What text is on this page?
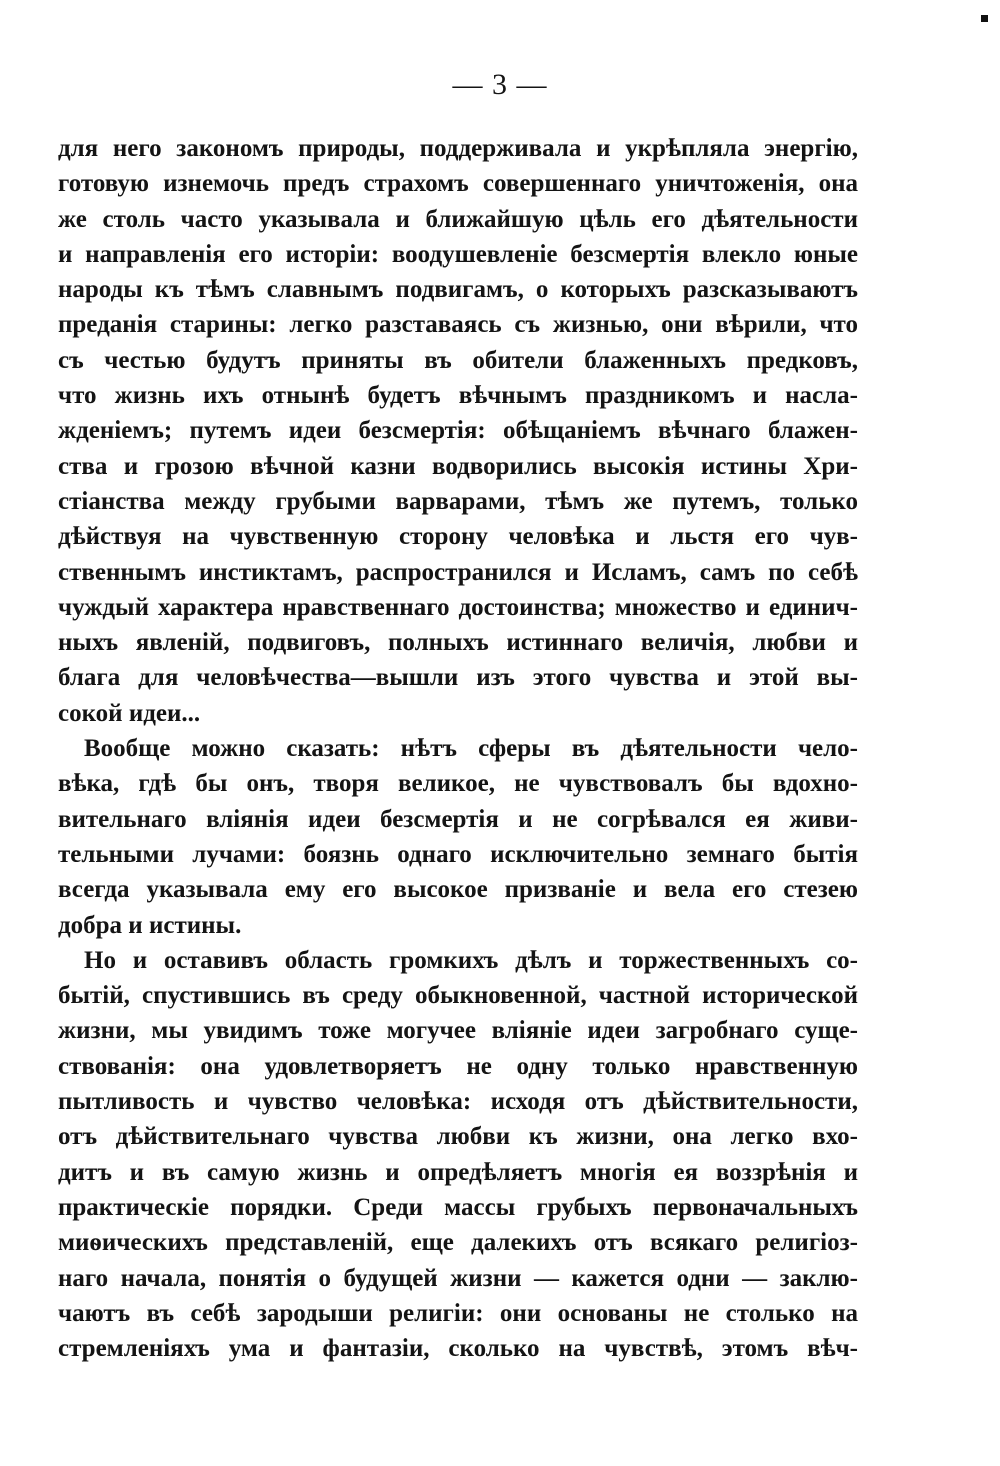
— 3 —
для него закономъ природы, поддерживала и укрѣпляла энергію,
готовую изнемочь предъ страхомъ совершеннаго уничтоженія, она
же столь часто указывала и ближайшую цѣль его дѣятельности
и направленія его исторіи: воодушевленіе безсмертія влекло юные
народы къ тѣмъ славнымъ подвигамъ, о которыхъ разсказываютъ
преданія старины: легко разставаясь съ жизнью, они вѣрили, что
съ честью будутъ приняты въ обители блаженныхъ предковъ,
что жизнь ихъ отнынѣ будетъ вѣчнымъ праздникомъ и насла-
жденіемъ; путемъ идеи безсмертія: обѣщаніемъ вѣчнаго блажен-
ства и грозою вѣчной казни водворились высокія истины Хри-
стіанства между грубыми варварами, тѣмъ же путемъ, только
дѣйствуя на чувственную сторону человѣка и льстя его чув-
ственнымъ инстиктамъ, распространился и Исламъ, самъ по себѣ
чуждый характера нравственнаго достоинства; множество и единич-
ныхъ явленій, подвиговъ, полныхъ истиннаго величія, любви и
блага для человѣчества—вышли изъ этого чувства и этой вы-
сокой идеи...
Вообще можно сказать: нѣтъ сферы въ дѣятельности чело-
вѣка, гдѣ бы онъ, творя великое, не чувствовалъ бы вдохно-
вительнаго вліянія идеи безсмертія и не согрѣвался ея живи-
тельными лучами: боязнь однаго исключительно земнаго бытія
всегда указывала ему его высокое призваніе и вела его стезею
добра и истины.
Но и оставивъ область громкихъ дѣлъ и торжественныхъ со-
бытій, спустившись въ среду обыкновенной, частной исторической
жизни, мы увидимъ тоже могучее вліяніе идеи загробнаго суще-
ствованія: она удовлетворяетъ не одну только нравственную
пытливость и чувство человѣка: исходя отъ дѣйствительности,
отъ дѣйствительнаго чувства любви къ жизни, она легко вхо-
дитъ и въ самую жизнь и опредѣляетъ многія ея воззрѣнія и
практическіе порядки. Среди массы грубыхъ первоначальныхъ
миѳическихъ представленій, еще далекихъ отъ всякаго религіоз-
наго начала, понятія о будущей жизни — кажется одни — заклю-
чаютъ въ себѣ зародыши религіи: они основаны не столько на
стремленіяхъ ума и фантазіи, сколько на чувствѣ, этомъ вѣч-
